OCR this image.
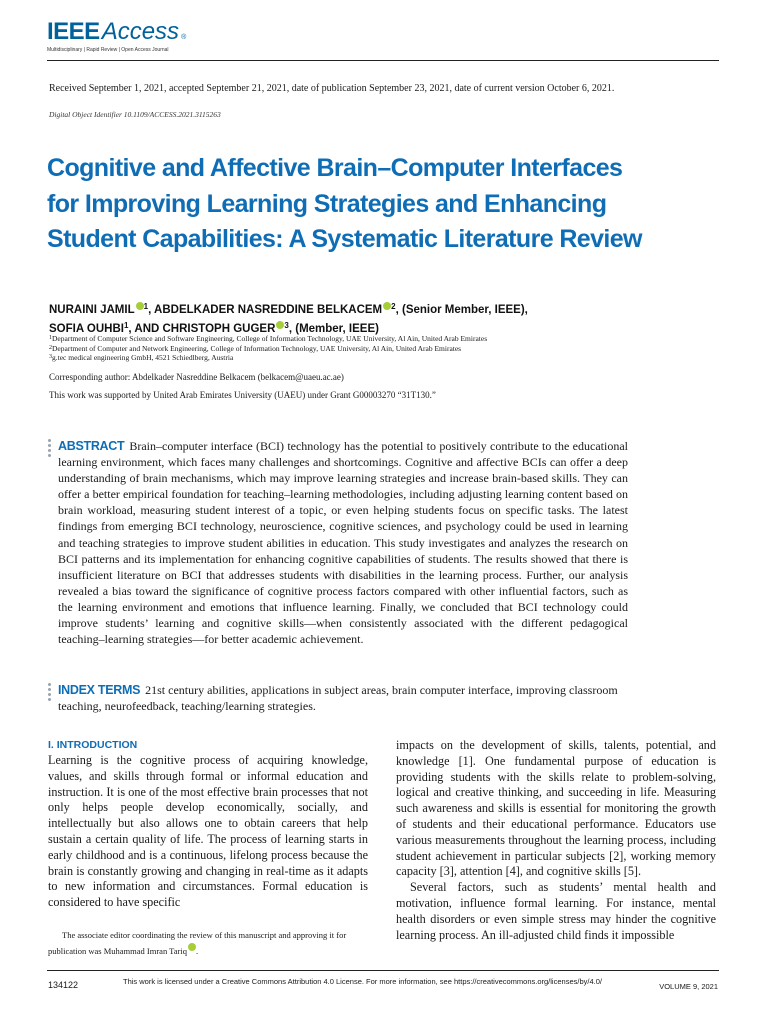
IEEE Access ®
Multidisciplinary | Rapid Review | Open Access Journal
Received September 1, 2021, accepted September 21, 2021, date of publication September 23, 2021, date of current version October 6, 2021.
Digital Object Identifier 10.1109/ACCESS.2021.3115263
Cognitive and Affective Brain–Computer Interfaces for Improving Learning Strategies and Enhancing Student Capabilities: A Systematic Literature Review
NURAINI JAMIL $^1$, ABDELKADER NASREDDINE BELKACEM $^2$, (Senior Member, IEEE),
SOFIA OUHBI$^1$, AND CHRISTOPH GUGER $^3$, (Member, IEEE)
$^1$Department of Computer Science and Software Engineering, College of Information Technology, UAE University, Al Ain, United Arab Emirates
$^2$Department of Computer and Network Engineering, College of Information Technology, UAE University, Al Ain, United Arab Emirates
$^3$g.tec medical engineering GmbH, 4521 Schiedlberg, Austria
Corresponding author: Abdelkader Nasreddine Belkacem (belkacem@uaeu.ac.ae)
This work was supported by United Arab Emirates University (UAEU) under Grant G00003270 “31T130.”
ABSTRACT Brain–computer interface (BCI) technology has the potential to positively contribute to the educational learning environment, which faces many challenges and shortcomings. Cognitive and affective BCIs can offer a deep understanding of brain mechanisms, which may improve learning strategies and increase brain-based skills. They can offer a better empirical foundation for teaching–learning methodologies, including adjusting learning content based on brain workload, measuring student interest of a topic, or even helping students focus on specific tasks. The latest findings from emerging BCI technology, neuroscience, cognitive sciences, and psychology could be used in learning and teaching strategies to improve student abilities in education. This study investigates and analyzes the research on BCI patterns and its implementation for enhancing cognitive capabilities of students. The results showed that there is insufficient literature on BCI that addresses students with disabilities in the learning process. Further, our analysis revealed a bias toward the significance of cognitive process factors compared with other influential factors, such as the learning environment and emotions that influence learning. Finally, we concluded that BCI technology could improve students’ learning and cognitive skills—when consistently associated with the different pedagogical teaching–learning strategies—for better academic achievement.
INDEX TERMS 21st century abilities, applications in subject areas, brain computer interface, improving classroom teaching, neurofeedback, teaching/learning strategies.
I. INTRODUCTION

Learning is the cognitive process of acquiring knowledge, values, and skills through formal or informal education and instruction. It is one of the most effective brain processes that not only helps people develop economically, socially, and intellectually but also allows one to obtain careers that help sustain a certain quality of life. The process of learning starts in early childhood and is a continuous, lifelong process because the brain is constantly growing and changing in real-time as it adapts to new information and circumstances. Formal education is considered to have specific

impacts on the development of skills, talents, potential, and knowledge [1]. One fundamental purpose of education is providing students with the skills relate to problem-solving, logical and creative thinking, and succeeding in life. Measuring such awareness and skills is essential for monitoring the growth of students and their educational performance. Educators use various measurements throughout the learning process, including student achievement in particular subjects [2], working memory capacity [3], attention [4], and cognitive skills [5].

Several factors, such as students’ mental health and motivation, influence formal learning. For instance, mental health disorders or even simple stress may hinder the cognitive learning process. An ill-adjusted child finds it impossible

The associate editor coordinating the review of this manuscript and approving it for publication was Muhammad Imran Tariq .
134122	This work is licensed under a Creative Commons Attribution 4.0 License. For more information, see https://creativecommons.org/licenses/by/4.0/
VOLUME 9, 2021
